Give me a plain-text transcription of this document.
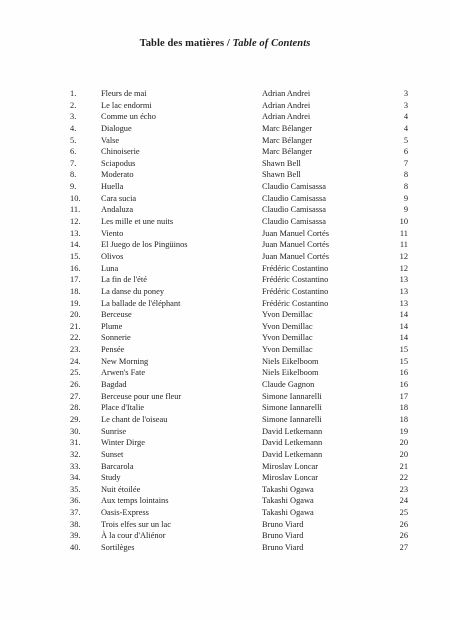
Table des matières / Table of Contents
1.	Fleurs de mai	Adrian Andrei	3
2.	Le lac endormi	Adrian Andrei	3
3.	Comme un écho	Adrian Andrei	4
4.	Dialogue	Marc Bélanger	4
5.	Valse	Marc Bélanger	5
6.	Chinoiserie	Marc Bélanger	6
7.	Sciapodus	Shawn Bell	7
8.	Moderato	Shawn Bell	8
9.	Huella	Claudio Camisassa	8
10.	Cara sucia	Claudio Camisassa	9
11.	Andaluza	Claudio Camisassa	9
12.	Les mille et une nuits	Claudio Camisassa	10
13.	Viento	Juan Manuel Cortés	11
14.	El Juego de los Pingüinos	Juan Manuel Cortés	11
15.	Olivos	Juan Manuel Cortés	12
16.	Luna	Frédéric Costantino	12
17.	La fin de l'été	Frédéric Costantino	13
18.	La danse du poney	Frédéric Costantino	13
19.	La ballade de l'éléphant	Frédéric Costantino	13
20.	Berceuse	Yvon Demillac	14
21.	Plume	Yvon Demillac	14
22.	Sonnerie	Yvon Demillac	14
23.	Pensée	Yvon Demillac	15
24.	New Morning	Niels Eikelboom	15
25.	Arwen's Fate	Niels Eikelboom	16
26.	Bagdad	Claude Gagnon	16
27.	Berceuse pour une fleur	Simone Iannarelli	17
28.	Place d'Italie	Simone Iannarelli	18
29.	Le chant de l'oiseau	Simone Iannarelli	18
30.	Sunrise	David Letkemann	19
31.	Winter Dirge	David Letkemann	20
32.	Sunset	David Letkemann	20
33.	Barcarola	Miroslav Loncar	21
34.	Study	Miroslav Loncar	22
35.	Nuit étoilée	Takashi Ogawa	23
36.	Aux temps lointains	Takashi Ogawa	24
37.	Oasis-Express	Takashi Ogawa	25
38.	Trois elfes sur un lac	Bruno Viard	26
39.	À la cour d'Aliénor	Bruno Viard	26
40.	Sortilèges	Bruno Viard	27
